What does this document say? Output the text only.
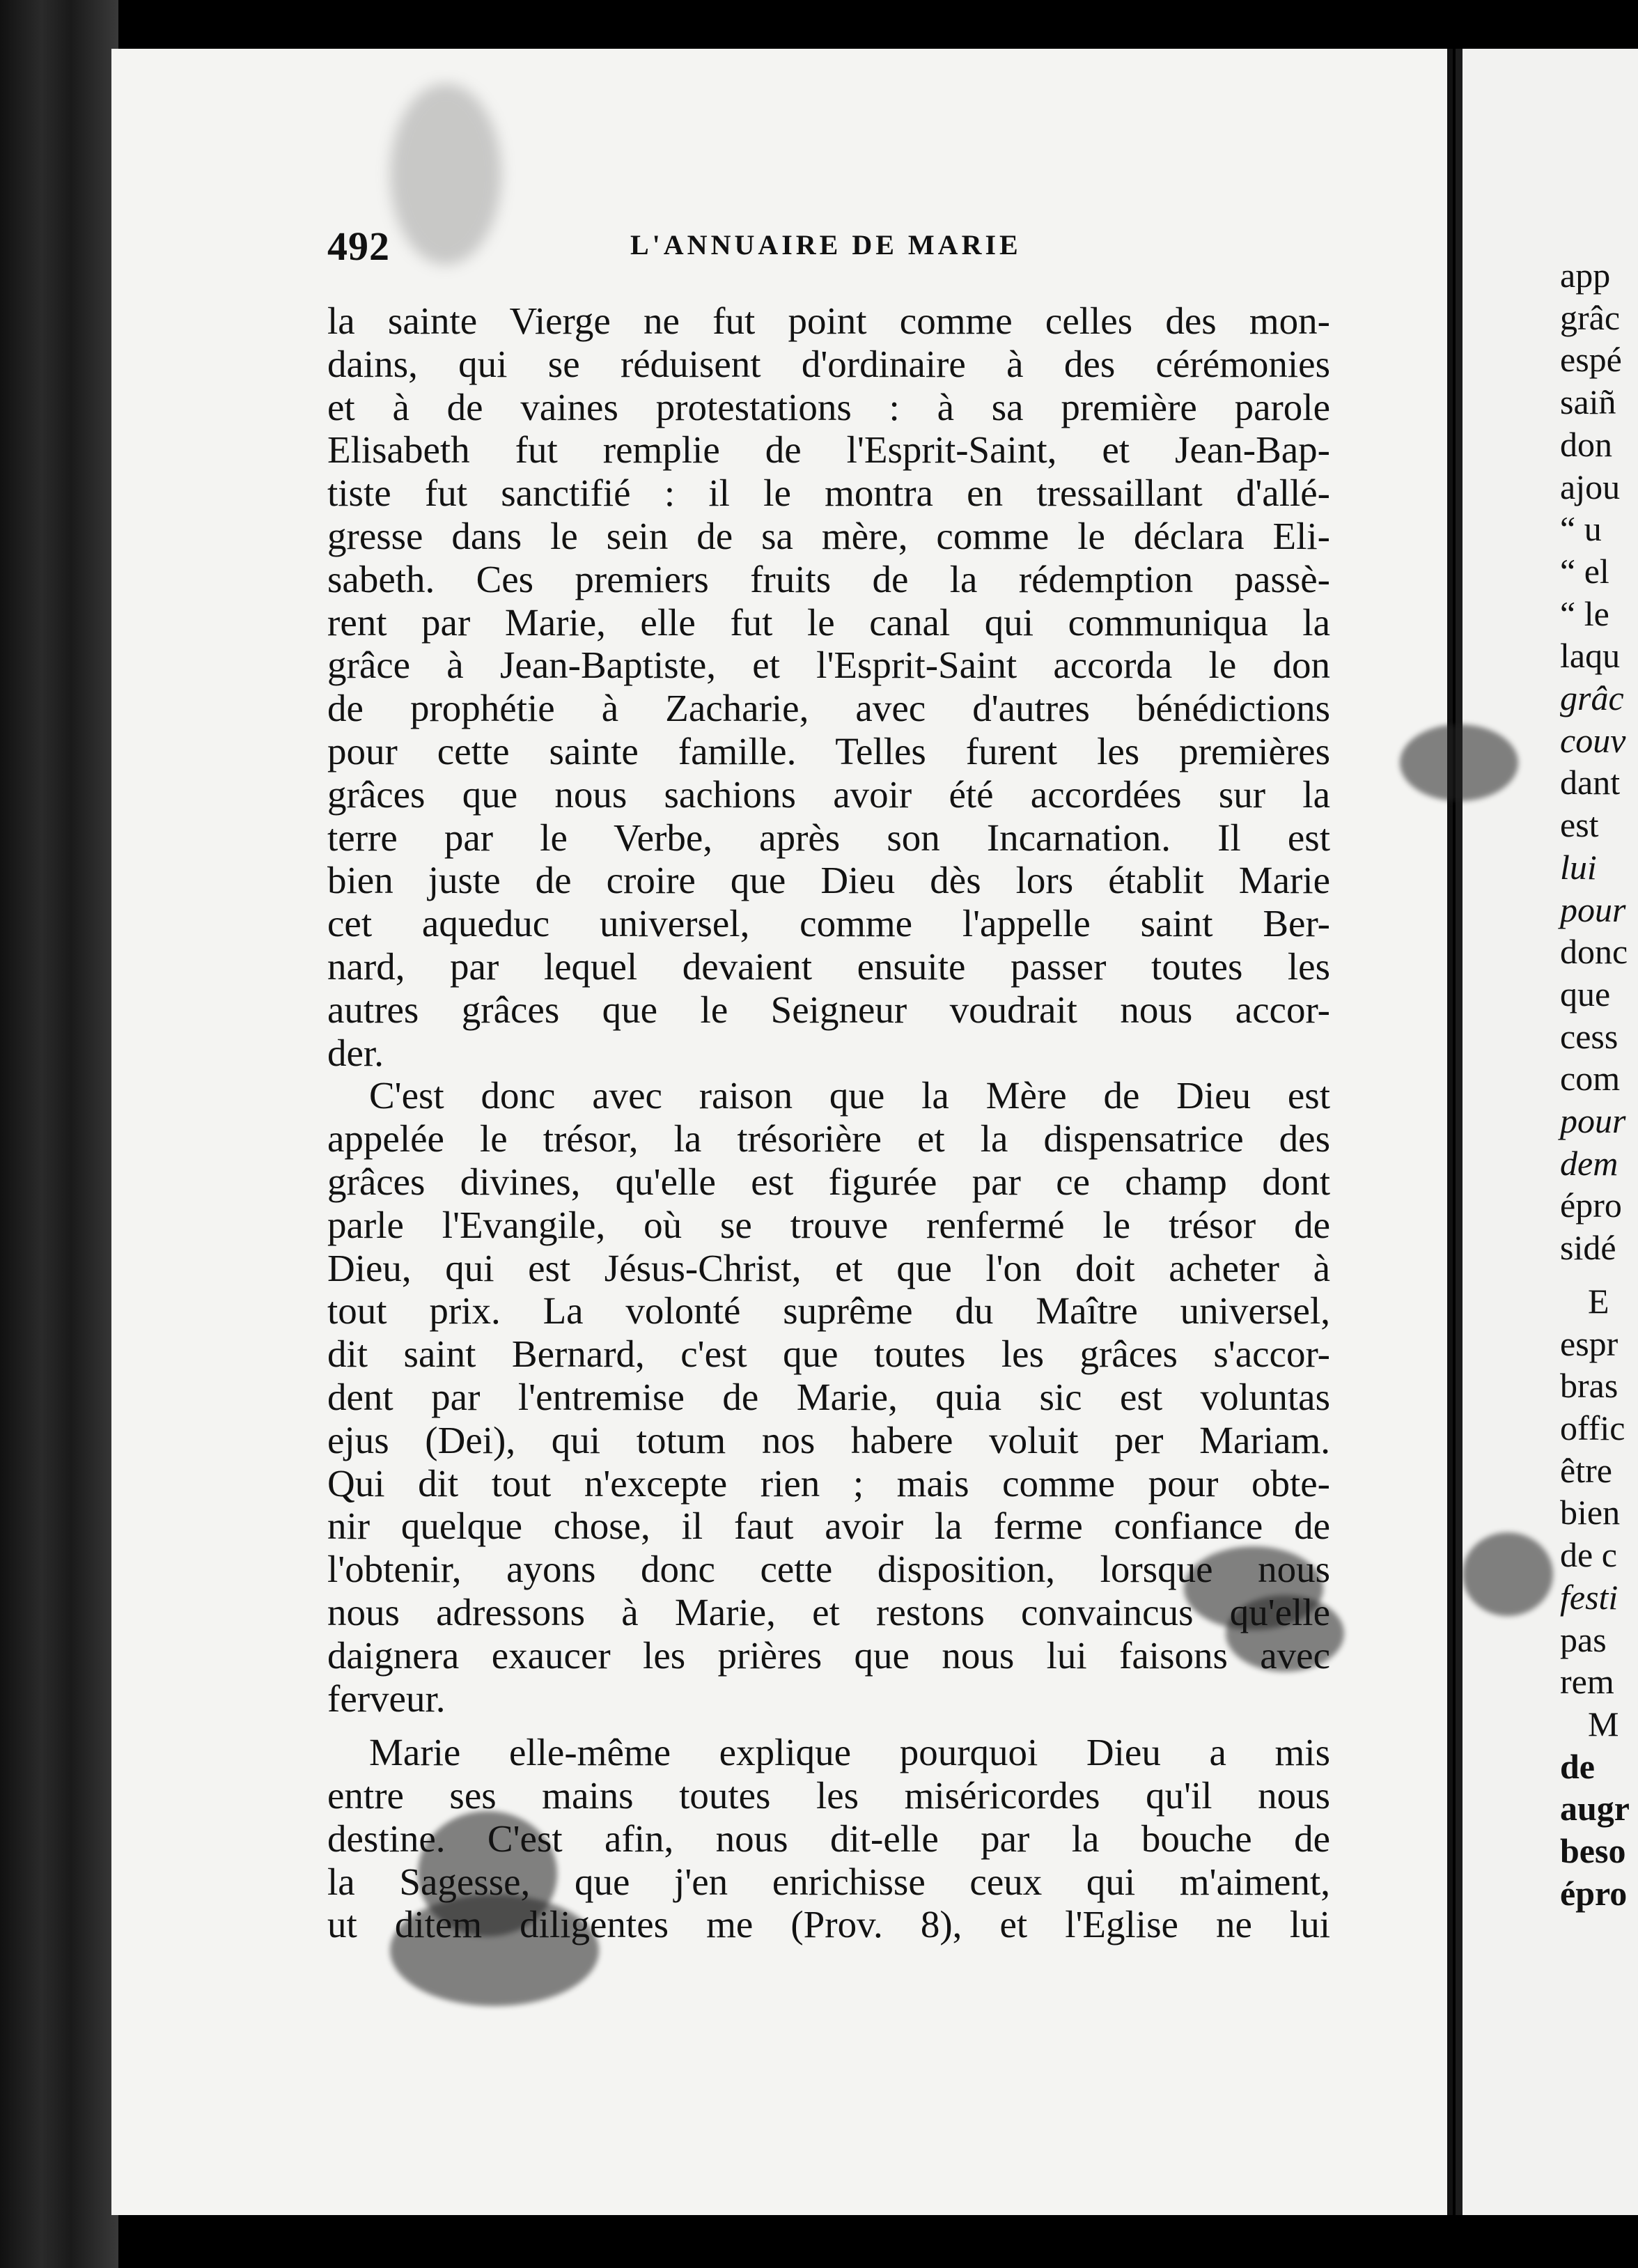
492	L'ANNUAIRE DE MARIE
la sainte Vierge ne fut point comme celles des mon-
dains, qui se réduisent d'ordinaire à des cérémonies
et à de vaines protestations : à sa première parole
Elisabeth fut remplie de l'Esprit-Saint, et Jean-Bap-
tiste fut sanctifié : il le montra en tressaillant d'allé-
gresse dans le sein de sa mère, comme le déclara Eli-
sabeth. Ces premiers fruits de la rédemption passè-
rent par Marie, elle fut le canal qui communiqua la
grâce à Jean-Baptiste, et l'Esprit-Saint accorda le don
de prophétie à Zacharie, avec d'autres bénédictions
pour cette sainte famille. Telles furent les premières
grâces que nous sachions avoir été accordées sur la
terre par le Verbe, après son Incarnation. Il est
bien juste de croire que Dieu dès lors établit Marie
cet aqueduc universel, comme l'appelle saint Ber-
nard, par lequel devaient ensuite passer toutes les
autres grâces que le Seigneur voudrait nous accor-
der.
C'est donc avec raison que la Mère de Dieu est
appelée le trésor, la trésorière et la dispensatrice des
grâces divines, qu'elle est figurée par ce champ dont
parle l'Evangile, où se trouve renfermé le trésor de
Dieu, qui est Jésus-Christ, et que l'on doit acheter à
tout prix. La volonté suprême du Maître universel,
dit saint Bernard, c'est que toutes les grâces s'accor-
dent par l'entremise de Marie, quia sic est voluntas
ejus (Dei), qui totum nos habere voluit per Mariam.
Qui dit tout n'excepte rien ; mais comme pour obte-
nir quelque chose, il faut avoir la ferme confiance de
l'obtenir, ayons donc cette disposition, lorsque nous
nous adressons à Marie, et restons convaincus qu'elle
daignera exaucer les prières que nous lui faisons avec
ferveur.
Marie elle-même explique pourquoi Dieu a mis
entre ses mains toutes les miséricordes qu'il nous
destine. C'est afin, nous dit-elle par la bouche de
la Sagesse, que j'en enrichisse ceux qui m'aiment,
ut ditem diligentes me (Prov. 8), et l'Eglise ne lui
app
grâc
espé
saiñ
don
ajou
“ u
“ el
“ le
laqu
grâc
couv
dant
est
lui
pour
donc
que
cess
com
pour
dem
épro
sidé
E
espr
bras
offic
être
bien
de c
festi
pas
rem
M
de
augr
beso
épro
